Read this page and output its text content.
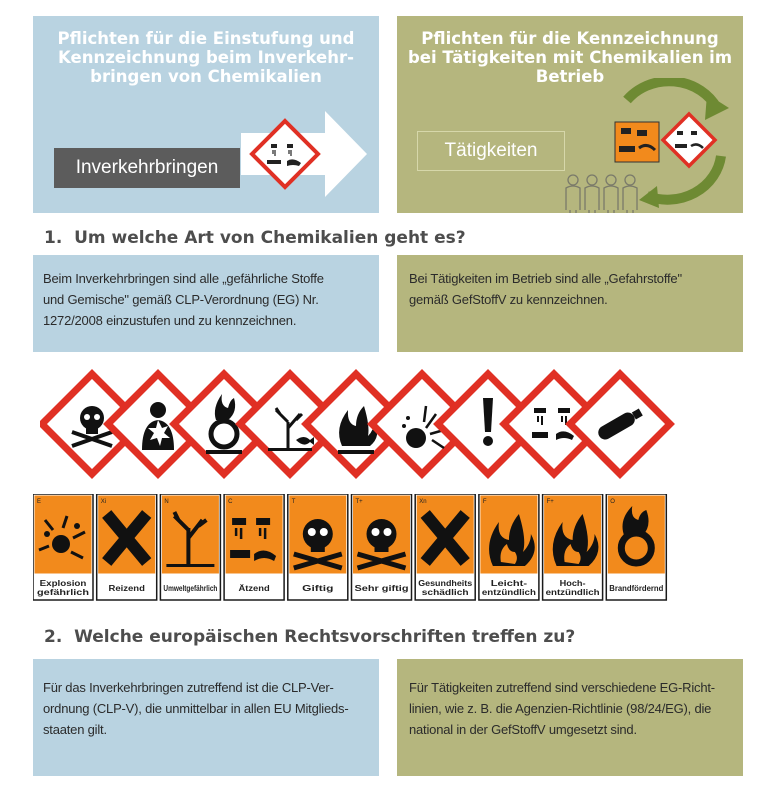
Pflichten für die Einstufung und Kennzeichnung beim Inverkehr-bringen von Chemikalien

Inverkehrbringen

Pflichten für die Kennzeichnung bei Tätigkeiten mit Chemikalien im Betrieb

Tätigkeiten
1.  Um welche Art von Chemikalien geht es?

Beim Inverkehrbringen sind alle „gefährliche Stoffe und Gemische" gemäß CLP-Verordnung (EG) Nr. 1272/2008 einzustufen und zu kennzeichnen.

Bei Tätigkeiten im Betrieb sind alle „Gefahrstoffe" gemäß GefStoffV zu kennzeichnen.

E
Explosion
gefährlich
Xi
Reizend
N
Umweltgefährlich
C
Ätzend
T
Giftig
T+
Sehr giftig
Xn
Gesundheits
schädlich
F
Leicht-
entzündlich
F+
Hoch-
entzündlich
O
Brandfördernd
2.  Welche europäischen Rechtsvorschriften treffen zu?

Für das Inverkehrbringen zutreffend ist die CLP-Ver-ordnung (CLP-V), die unmittelbar in allen EU Mitglieds-staaten gilt.

Für Tätigkeiten zutreffend sind verschiedene EG-Richt-linien, wie z. B. die Agenzien-Richtlinie (98/24/EG), die national in der GefStoffV umgesetzt sind.
